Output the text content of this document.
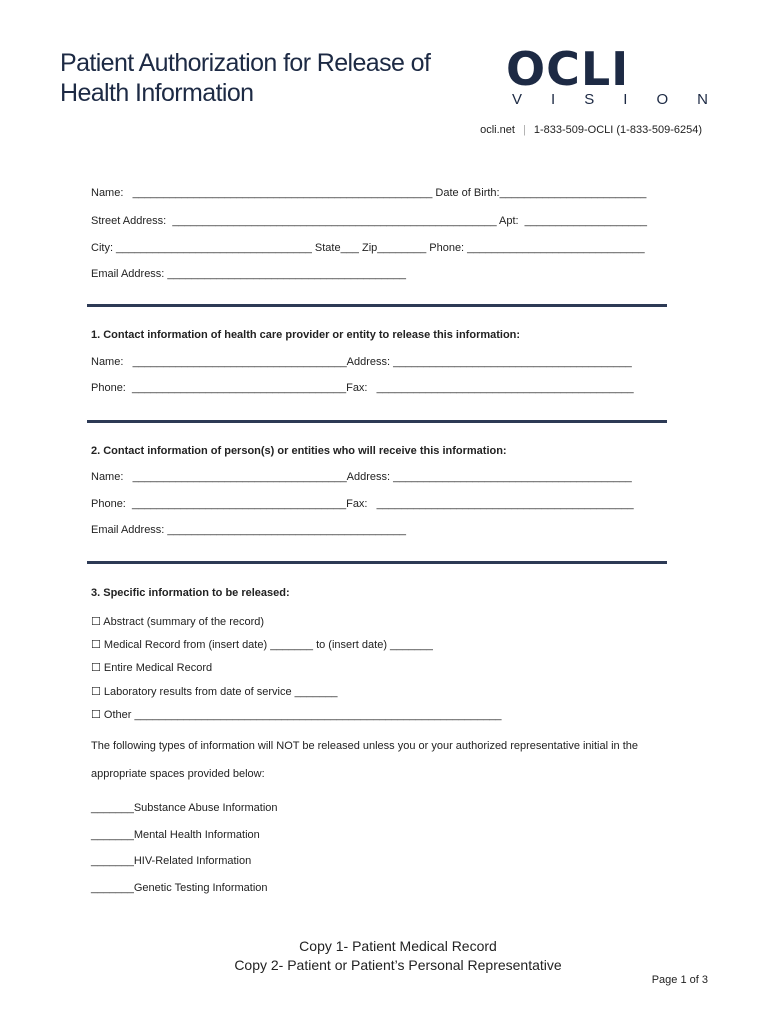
Patient Authorization for Release of Health Information	OCLI
V I S I O N
ocli.net | 1-833-509-OCLI (1-833-509-6254)
Name:   _________________________________________________ Date of Birth:________________________
Street Address:  _____________________________________________________ Apt:  ____________________
City: ________________________________ State___ Zip________ Phone: _____________________________
Email Address: _______________________________________
1. Contact information of health care provider or entity to release this information:
Name:   ___________________________________Address: _______________________________________
Phone:  ___________________________________Fax:   __________________________________________
2. Contact information of person(s) or entities who will receive this information:
Name:   ___________________________________Address: _______________________________________
Phone:  ___________________________________Fax:   __________________________________________
Email Address: _______________________________________
3. Specific information to be released:
☐ Abstract (summary of the record)
☐ Medical Record from (insert date) _______ to (insert date) _______
☐ Entire Medical Record
☐ Laboratory results from date of service _______
☐ Other ____________________________________________________________
The following types of information will NOT be released unless you or your authorized representative initial in the
appropriate spaces provided below:
_______Substance Abuse Information
_______Mental Health Information
_______HIV-Related Information
_______Genetic Testing Information
Copy 1- Patient Medical Record
Copy 2- Patient or Patient’s Personal Representative
Page 1 of 3
